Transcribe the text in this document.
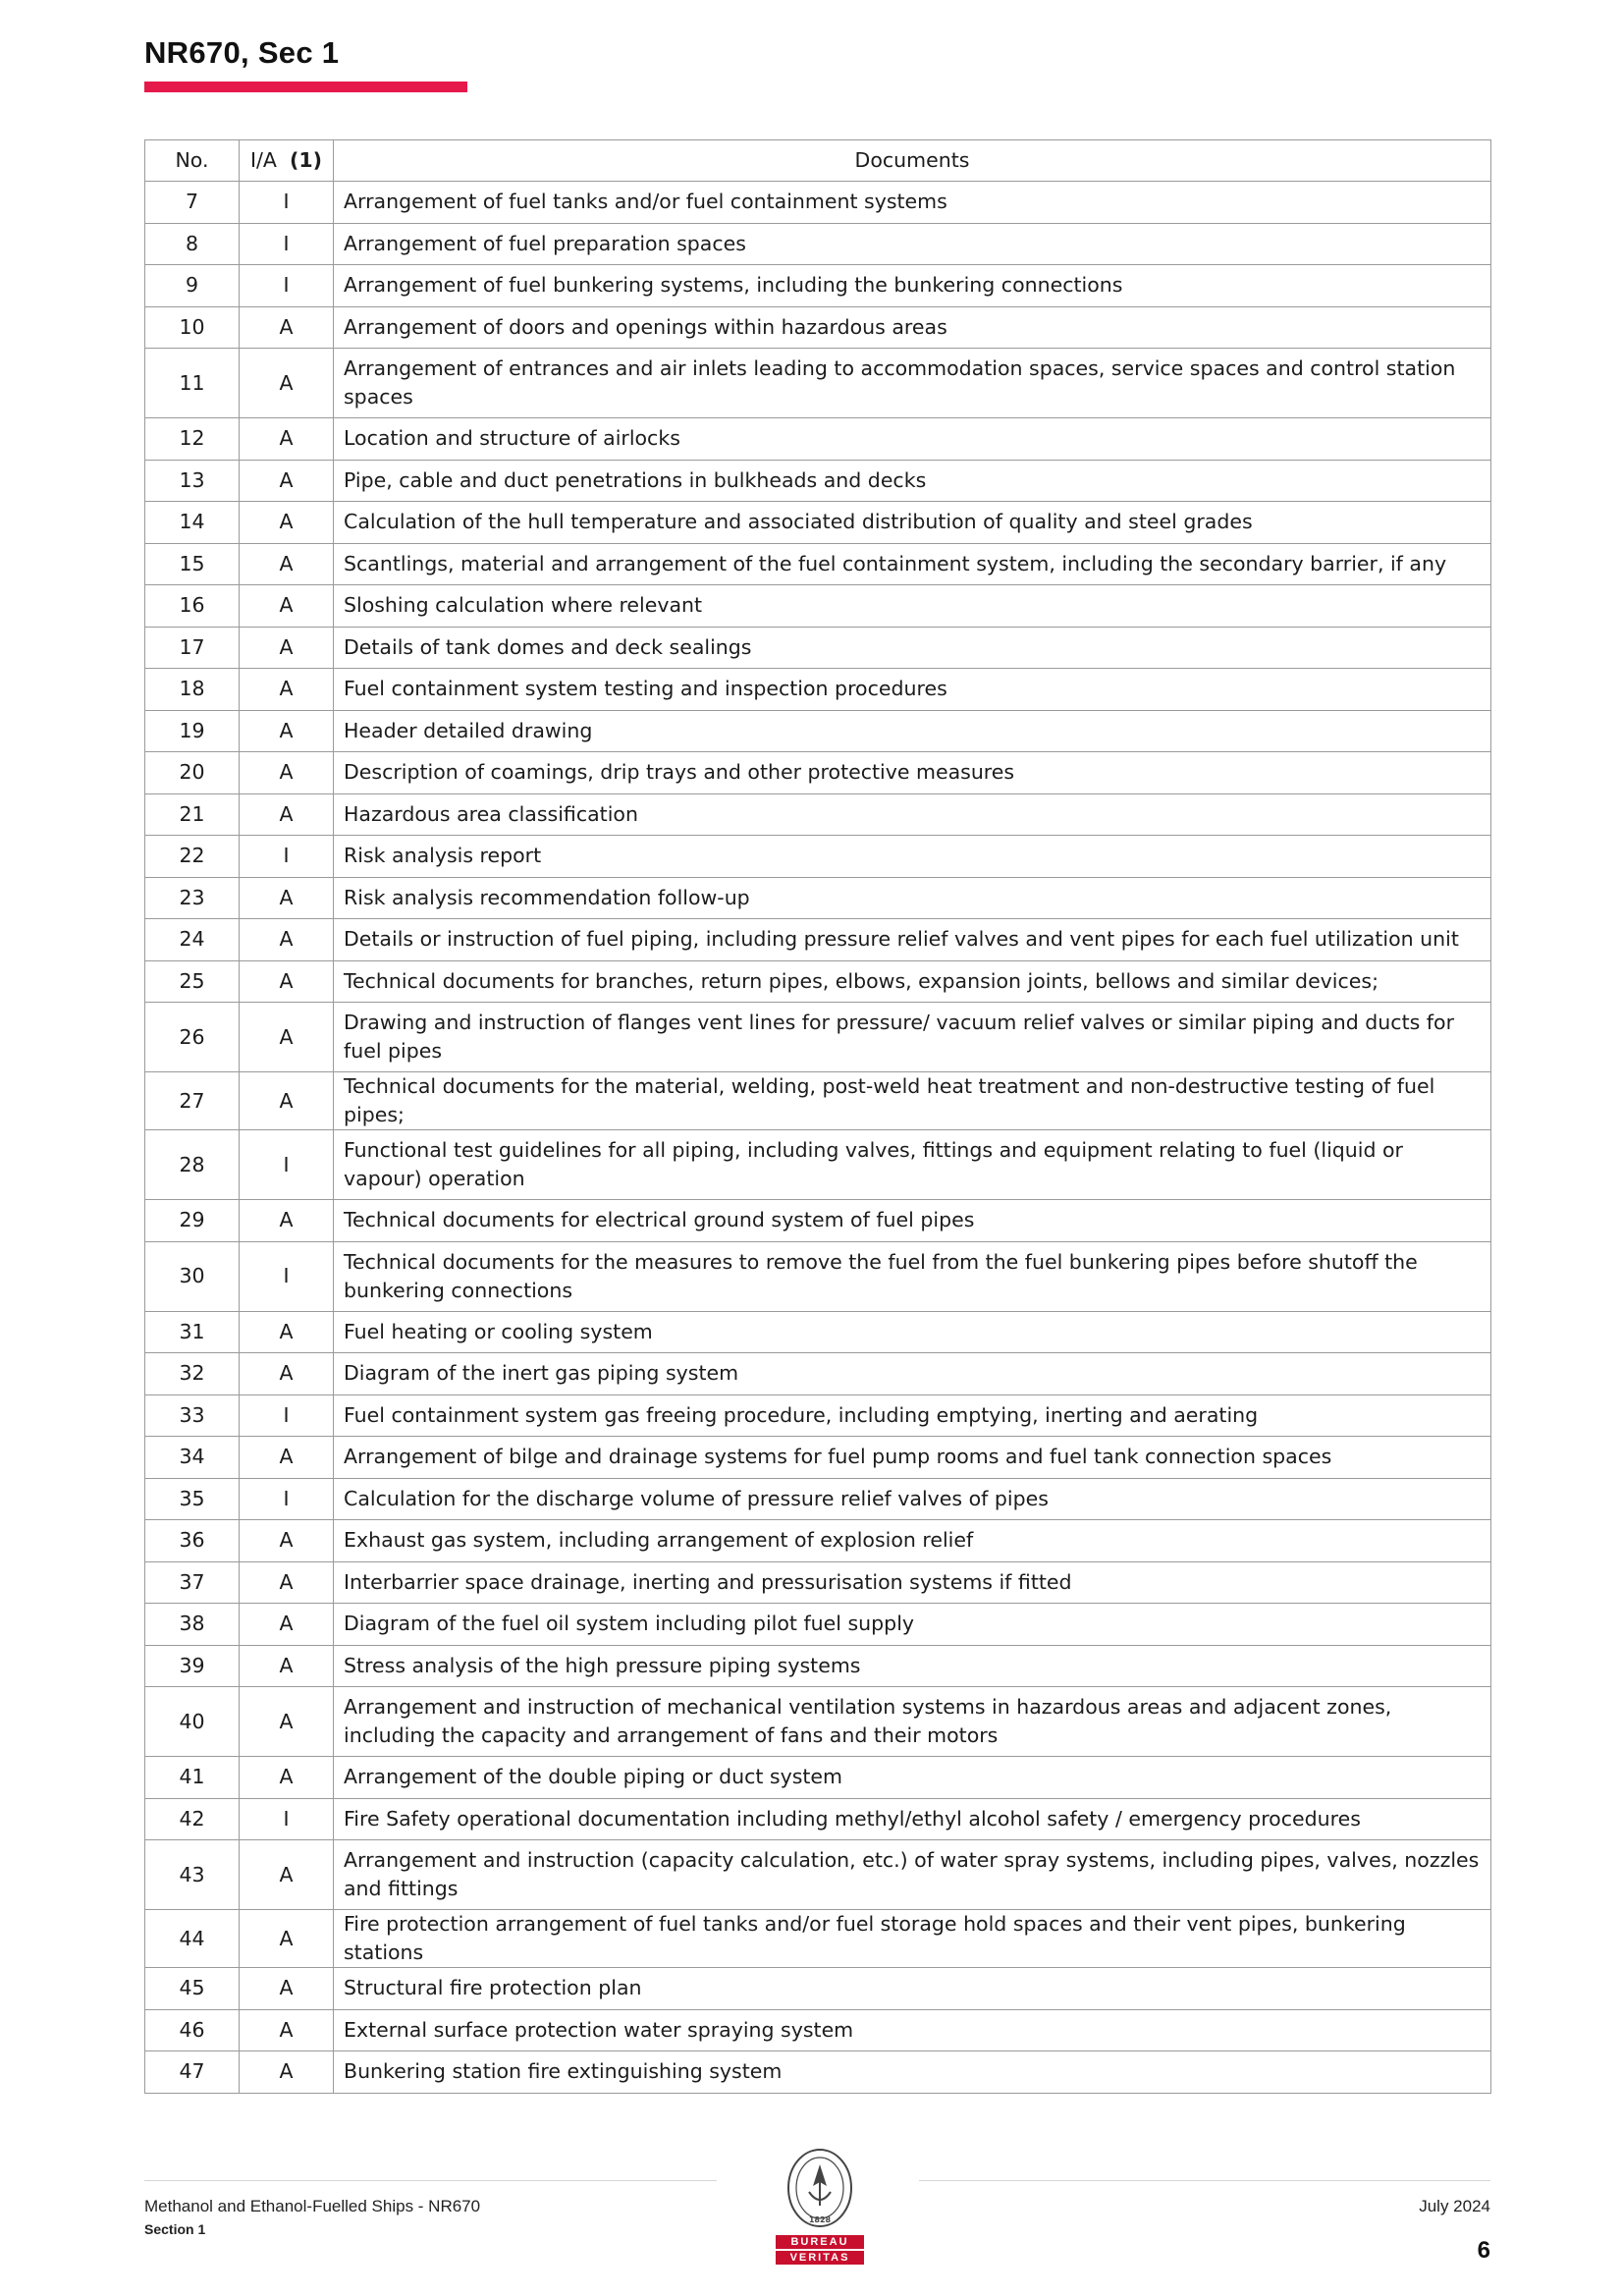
NR670, Sec 1
No.	I/A (1)	Documents
7	I	Arrangement of fuel tanks and/or fuel containment systems
8	I	Arrangement of fuel preparation spaces
9	I	Arrangement of fuel bunkering systems, including the bunkering connections
10	A	Arrangement of doors and openings within hazardous areas
11	A	Arrangement of entrances and air inlets leading to accommodation spaces, service spaces and control station spaces
12	A	Location and structure of airlocks
13	A	Pipe, cable and duct penetrations in bulkheads and decks
14	A	Calculation of the hull temperature and associated distribution of quality and steel grades
15	A	Scantlings, material and arrangement of the fuel containment system, including the secondary barrier, if any
16	A	Sloshing calculation where relevant
17	A	Details of tank domes and deck sealings
18	A	Fuel containment system testing and inspection procedures
19	A	Header detailed drawing
20	A	Description of coamings, drip trays and other protective measures
21	A	Hazardous area classification
22	I	Risk analysis report
23	A	Risk analysis recommendation follow-up
24	A	Details or instruction of fuel piping, including pressure relief valves and vent pipes for each fuel utilization unit
25	A	Technical documents for branches, return pipes, elbows, expansion joints, bellows and similar devices;
26	A	Drawing and instruction of flanges vent lines for pressure/ vacuum relief valves or similar piping and ducts for fuel pipes
27	A	Technical documents for the material, welding, post-weld heat treatment and non-destructive testing of fuel pipes;
28	I	Functional test guidelines for all piping, including valves, fittings and equipment relating to fuel (liquid or vapour) operation
29	A	Technical documents for electrical ground system of fuel pipes
30	I	Technical documents for the measures to remove the fuel from the fuel bunkering pipes before shutoff the bunkering connections
31	A	Fuel heating or cooling system
32	A	Diagram of the inert gas piping system
33	I	Fuel containment system gas freeing procedure, including emptying, inerting and aerating
34	A	Arrangement of bilge and drainage systems for fuel pump rooms and fuel tank connection spaces
35	I	Calculation for the discharge volume of pressure relief valves of pipes
36	A	Exhaust gas system, including arrangement of explosion relief
37	A	Interbarrier space drainage, inerting and pressurisation systems if fitted
38	A	Diagram of the fuel oil system including pilot fuel supply
39	A	Stress analysis of the high pressure piping systems
40	A	Arrangement and instruction of mechanical ventilation systems in hazardous areas and adjacent zones, including the capacity and arrangement of fans and their motors
41	A	Arrangement of the double piping or duct system
42	I	Fire Safety operational documentation including methyl/ethyl alcohol safety / emergency procedures
43	A	Arrangement and instruction (capacity calculation, etc.) of water spray systems, including pipes, valves, nozzles and fittings
44	A	Fire protection arrangement of fuel tanks and/or fuel storage hold spaces and their vent pipes, bunkering stations
45	A	Structural fire protection plan
46	A	External surface protection water spraying system
47	A	Bunkering station fire extinguishing system
Methanol and Ethanol-Fuelled Ships - NR670
Section 1
July 2024
6
1828
BUREAU
VERITAS
